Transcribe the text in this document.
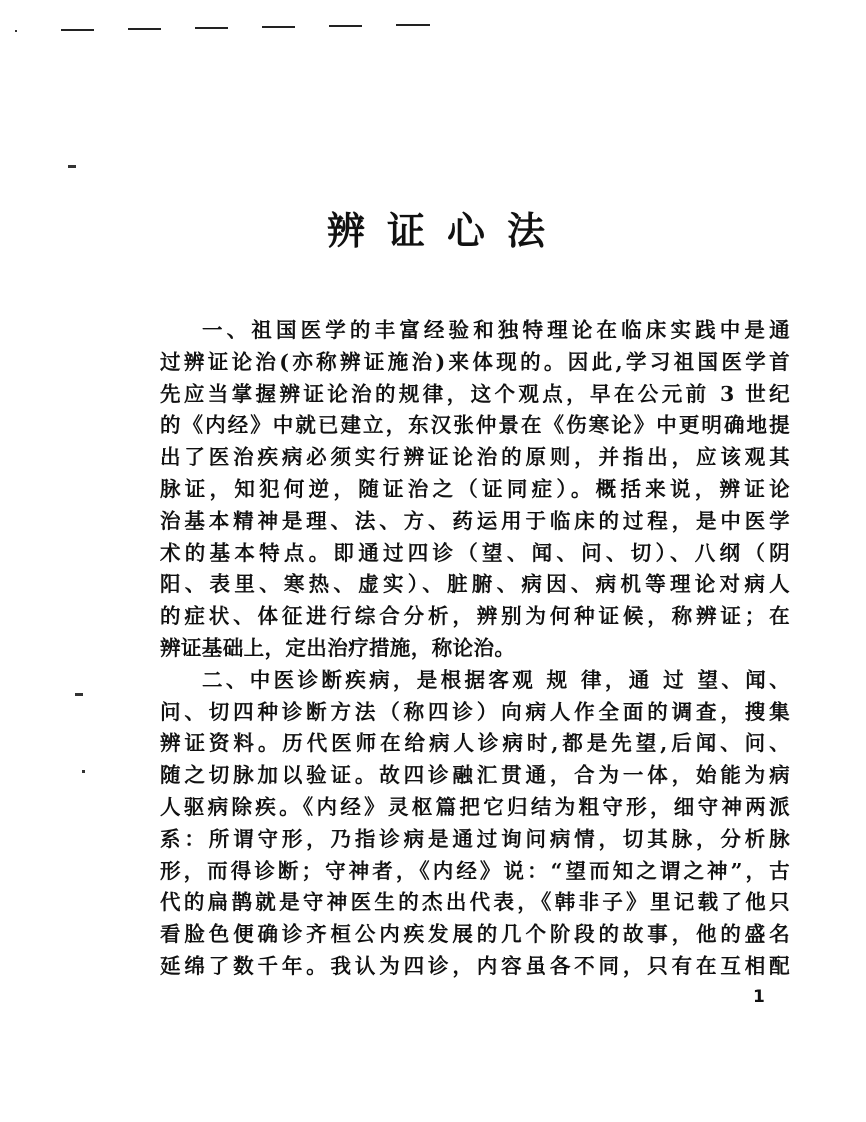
辨证心法
一、祖国医学的丰富经验和独特理论在临床实践中是通
过辨证论治(亦称辨证施治)来体现的。因此,学习祖国医学首
先应当掌握辨证论治的规律，这个观点，早在公元前 3 世纪
的《内经》中就已建立，东汉张仲景在《伤寒论》中更明确地提
出了医治疾病必须实行辨证论治的原则，并指出，应该观其
脉证，知犯何逆，随证治之（证同症）。概括来说，辨证论
治基本精神是理、法、方、药运用于临床的过程，是中医学
术的基本特点。即通过四诊（望、闻、问、切）、八纲（阴
阳、表里、寒热、虚实）、脏腑、病因、病机等理论对病人
的症状、体征进行综合分析，辨别为何种证候，称辨证；在
辨证基础上，定出治疗措施，称论治。
二、中医诊断疾病，是根据客观 规 律，通 过 望、闻、
问、切四种诊断方法（称四诊）向病人作全面的调查，搜集
辨证资料。历代医师在给病人诊病时,都是先望,后闻、问、
随之切脉加以验证。故四诊融汇贯通，合为一体，始能为病
人驱病除疾。《内经》灵枢篇把它归结为粗守形，细守神两派
系：所谓守形，乃指诊病是通过询问病情，切其脉，分析脉
形，而得诊断；守神者，《内经》说：“望而知之谓之神”，古
代的扁鹊就是守神医生的杰出代表，《韩非子》里记载了他只
看脸色便确诊齐桓公内疾发展的几个阶段的故事，他的盛名
延绵了数千年。我认为四诊，内容虽各不同，只有在互相配
1
